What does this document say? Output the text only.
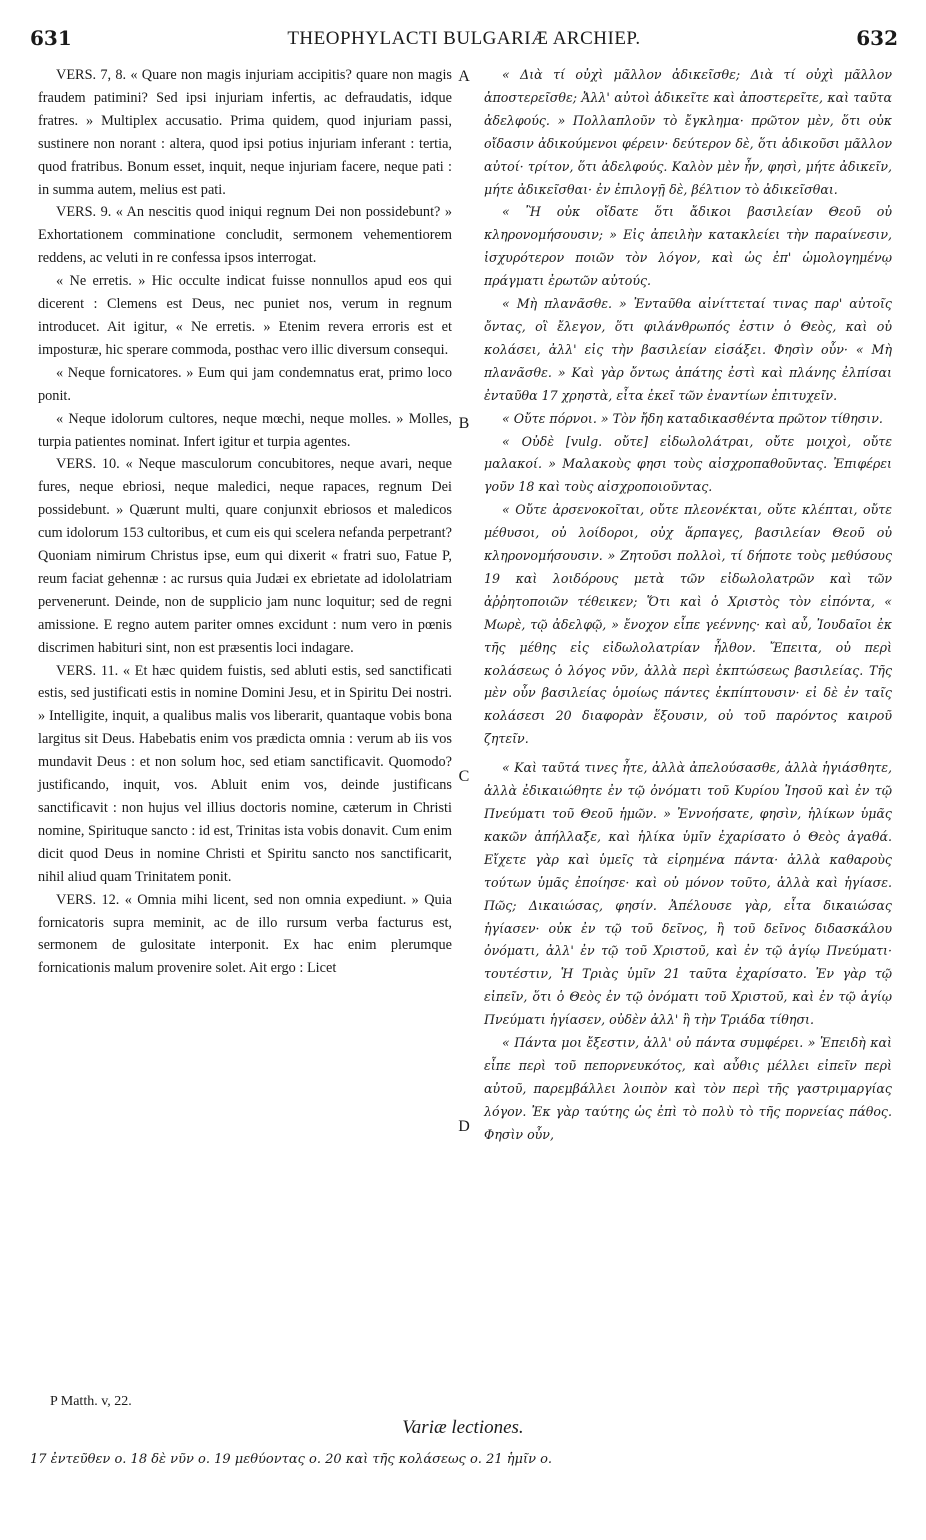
631	THEOPHYLACTI BULGARIÆ ARCHIEP.	632

VERS. 7, 8. « Quare non magis injuriam accipitis? quare non magis fraudem patimini? Sed ipsi injuriam infertis, ac defraudatis, idque fratres. » Multiplex accusatio. Prima quidem, quod injuriam passi, sustinere non norant : altera, quod ipsi potius injuriam inferant : tertia, quod fratribus. Bonum esset, inquit, neque injuriam facere, neque pati : in summa autem, melius est pati.

VERS. 9. « An nescitis quod iniqui regnum Dei non possidebunt? » Exhortationem comminatione concludit, sermonem vehementiorem reddens, ac veluti in re confessa ipsos interrogat.

« Ne erretis. » Hic occulte indicat fuisse nonnullos apud eos qui dicerent : Clemens est Deus, nec puniet nos, verum in regnum introducet. Ait igitur, « Ne erretis. » Etenim revera erroris est et imposturæ, hic sperare commoda, posthac vero illic diversum consequi.

« Neque fornicatores. » Eum qui jam condemnatus erat, primo loco ponit.

« Neque idolorum cultores, neque mœchi, neque molles. » Molles, turpia patientes nominat. Infert igitur et turpia agentes.

VERS. 10. « Neque masculorum concubitores, neque avari, neque fures, neque ebriosi, neque maledici, neque rapaces, regnum Dei possidebunt. » Quærunt multi, quare conjunxit ebriosos et maledicos cum idolorum 153 cultoribus, et cum eis qui scelera nefanda perpetrant? Quoniam nimirum Christus ipse, eum qui dixerit « fratri suo, Fatue P, reum faciat gehennæ : ac rursus quia Judæi ex ebrietate ad idololatriam pervenerunt. Deinde, non de supplicio jam nunc loquitur; sed de regni amissione. E regno autem pariter omnes excidunt : num vero in pœnis discrimen habituri sint, non est præsentis loci indagare.

VERS. 11. « Et hæc quidem fuistis, sed abluti estis, sed sanctificati estis, sed justificati estis in nomine Domini Jesu, et in Spiritu Dei nostri. » Intelligite, inquit, a qualibus malis vos liberarit, quantaque vobis bona largitus sit Deus. Habebatis enim vos prædicta omnia : verum ab iis vos mundavit Deus : et non solum hoc, sed etiam sanctificavit. Quomodo? justificando, inquit, vos. Abluit enim vos, deinde justificans sanctificavit : non hujus vel illius doctoris nomine, cæterum in Christi nomine, Spirituque sancto : id est, Trinitas ista vobis donavit. Cum enim dicit quod Deus in nomine Christi et Spiritu sancto nos sanctificarit, nihil aliud quam Trinitatem ponit.

VERS. 12. « Omnia mihi licent, sed non omnia expediunt. » Quia fornicatoris supra meminit, ac de illo rursum verba facturus est, sermonem de gulositate interponit. Ex hac enim plerumque fornicationis malum provenire solet. Ait ergo : Licet

A
B
C
D

« Διὰ τί οὐχὶ μᾶλλον ἀδικεῖσθε; Διὰ τί οὐχὶ μᾶλλον ἀποστερεῖσθε; Ἀλλ' αὐτοὶ ἀδικεῖτε καὶ ἀποστερεῖτε, καὶ ταῦτα ἀδελφούς. » Πολλαπλοῦν τὸ ἔγκλημα· πρῶτον μὲν, ὅτι οὐκ οἴδασιν ἀδικούμενοι φέρειν· δεύτερον δὲ, ὅτι ἀδικοῦσι μᾶλλον αὐτοί· τρίτον, ὅτι ἀδελφούς. Καλὸν μὲν ἦν, φησὶ, μήτε ἀδικεῖν, μήτε ἀδικεῖσθαι· ἐν ἐπιλογῇ δὲ, βέλτιον τὸ ἀδικεῖσθαι.

« Ἢ οὐκ οἴδατε ὅτι ἄδικοι βασιλείαν Θεοῦ οὐ κληρονομήσουσιν; » Εἰς ἀπειλὴν κατακλείει τὴν παραίνεσιν, ἰσχυρότερον ποιῶν τὸν λόγον, καὶ ὡς ἐπ' ὡμολογημένῳ πράγματι ἐρωτῶν αὐτούς.

« Μὴ πλανᾶσθε. » Ἐνταῦθα αἰνίττεταί τινας παρ' αὐτοῖς ὄντας, οἳ ἔλεγον, ὅτι φιλάνθρωπός ἐστιν ὁ Θεὸς, καὶ οὐ κολάσει, ἀλλ' εἰς τὴν βασιλείαν εἰσάξει. Φησὶν οὖν· « Μὴ πλανᾶσθε. » Καὶ γὰρ ὄντως ἀπάτης ἐστὶ καὶ πλάνης ἐλπίσαι ἐνταῦθα 17 χρηστὰ, εἶτα ἐκεῖ τῶν ἐναντίων ἐπιτυχεῖν.

« Οὔτε πόρνοι. » Τὸν ἤδη καταδικασθέντα πρῶτον τίθησιν.

« Οὐδὲ [vulg. οὔτε] εἰδωλολάτραι, οὔτε μοιχοὶ, οὔτε μαλακοί. » Μαλακοὺς φησι τοὺς αἰσχροπαθοῦντας. Ἐπιφέρει γοῦν 18 καὶ τοὺς αἰσχροποιοῦντας.

« Οὔτε ἀρσενοκοῖται, οὔτε πλεονέκται, οὔτε κλέπται, οὔτε μέθυσοι, οὐ λοίδοροι, οὐχ ἅρπαγες, βασιλείαν Θεοῦ οὐ κληρονομήσουσιν. » Ζητοῦσι πολλοὶ, τί δήποτε τοὺς μεθύσους 19 καὶ λοιδόρους μετὰ τῶν εἰδωλολατρῶν καὶ τῶν ἀῤῥητοποιῶν τέθεικεν; Ὅτι καὶ ὁ Χριστὸς τὸν εἰπόντα, « Μωρὲ, τῷ ἀδελφῷ, » ἔνοχον εἶπε γεέννης· καὶ αὖ, Ἰουδαῖοι ἐκ τῆς μέθης εἰς εἰδωλολατρίαν ἦλθον. Ἔπειτα, οὐ περὶ κολάσεως ὁ λόγος νῦν, ἀλλὰ περὶ ἐκπτώσεως βασιλείας. Τῆς μὲν οὖν βασιλείας ὁμοίως πάντες ἐκπίπτουσιν· εἰ δὲ ἐν ταῖς κολάσεσι 20 διαφορὰν ἕξουσιν, οὐ τοῦ παρόντος καιροῦ ζητεῖν.

« Καὶ ταῦτά τινες ἦτε, ἀλλὰ ἀπελούσασθε, ἀλλὰ ἡγιάσθητε, ἀλλὰ ἐδικαιώθητε ἐν τῷ ὀνόματι τοῦ Κυρίου Ἰησοῦ καὶ ἐν τῷ Πνεύματι τοῦ Θεοῦ ἡμῶν. » Ἐννοήσατε, φησὶν, ἡλίκων ὑμᾶς κακῶν ἀπήλλαξε, καὶ ἡλίκα ὑμῖν ἐχαρίσατο ὁ Θεὸς ἀγαθά. Εἴχετε γὰρ καὶ ὑμεῖς τὰ εἰρημένα πάντα· ἀλλὰ καθαροὺς τούτων ὑμᾶς ἐποίησε· καὶ οὐ μόνον τοῦτο, ἀλλὰ καὶ ἡγίασε. Πῶς; Δικαιώσας, φησίν. Ἀπέλουσε γὰρ, εἶτα δικαιώσας ἡγίασεν· οὐκ ἐν τῷ τοῦ δεῖνος, ἢ τοῦ δεῖνος διδασκάλου ὀνόματι, ἀλλ' ἐν τῷ τοῦ Χριστοῦ, καὶ ἐν τῷ ἁγίῳ Πνεύματι· τουτέστιν, Ἡ Τριὰς ὑμῖν 21 ταῦτα ἐχαρίσατο. Ἐν γὰρ τῷ εἰπεῖν, ὅτι ὁ Θεὸς ἐν τῷ ὀνόματι τοῦ Χριστοῦ, καὶ ἐν τῷ ἁγίῳ Πνεύματι ἡγίασεν, οὐδὲν ἀλλ' ἢ τὴν Τριάδα τίθησι.

« Πάντα μοι ἔξεστιν, ἀλλ' οὐ πάντα συμφέρει. » Ἐπειδὴ καὶ εἶπε περὶ τοῦ πεπορνευκότος, καὶ αὖθις μέλλει εἰπεῖν περὶ αὐτοῦ, παρεμβάλλει λοιπὸν καὶ τὸν περὶ τῆς γαστριμαργίας λόγον. Ἐκ γὰρ ταύτης ὡς ἐπὶ τὸ πολὺ τὸ τῆς πορνείας πάθος. Φησὶν οὖν,

P Matth. v, 22.
Variæ lectiones.
17 ἐντεῦθεν ο. 18 δὲ νῦν ο. 19 μεθύοντας ο. 20 καὶ τῆς κολάσεως ο. 21 ἡμῖν ο.
